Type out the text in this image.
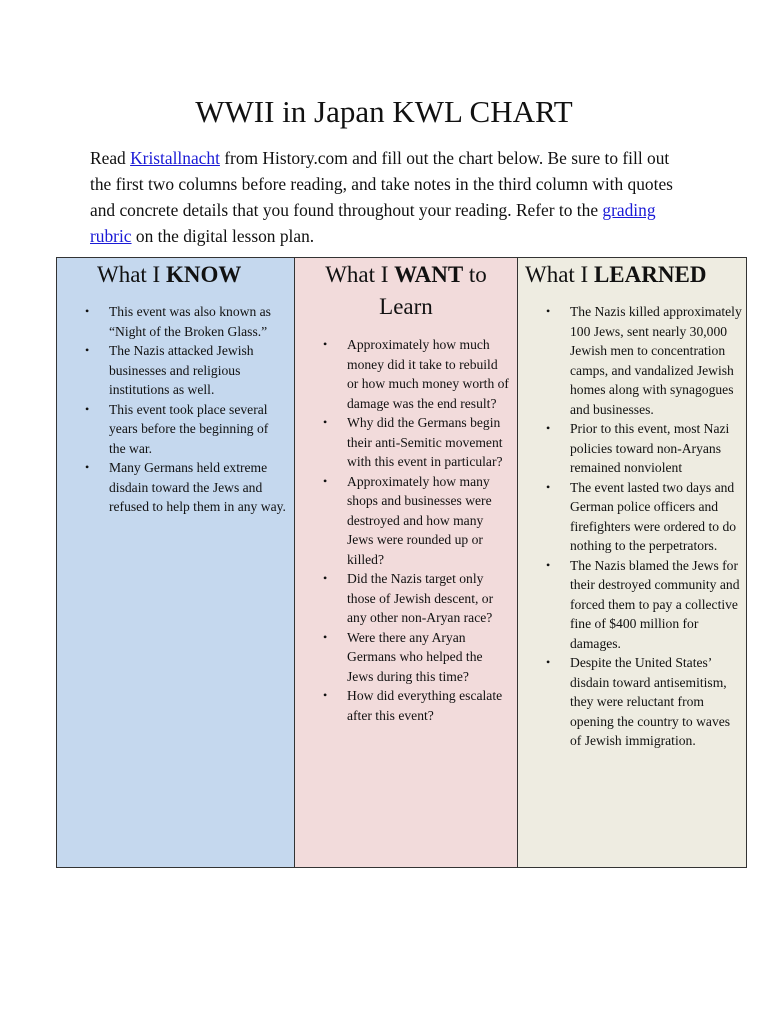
WWII in Japan KWL CHART

Read Kristallnacht from History.com and fill out the chart below. Be sure to fill out the first two columns before reading, and take notes in the third column with quotes and concrete details that you found throughout your reading. Refer to the grading rubric on the digital lesson plan.

What I KNOW

• This event was also known as “Night of the Broken Glass.”
• The Nazis attacked Jewish businesses and religious institutions as well.
• This event took place several years before the beginning of the war.
• Many Germans held extreme disdain toward the Jews and refused to help them in any way.

What I WANT to Learn

• Approximately how much money did it take to rebuild or how much money worth of damage was the end result?
• Why did the Germans begin their anti-Semitic movement with this event in particular?
• Approximately how many shops and businesses were destroyed and how many Jews were rounded up or killed?
• Did the Nazis target only those of Jewish descent, or any other non-Aryan race?
• Were there any Aryan Germans who helped the Jews during this time?
• How did everything escalate after this event?

What I LEARNED

• The Nazis killed approximately 100 Jews, sent nearly 30,000 Jewish men to concentration camps, and vandalized Jewish homes along with synagogues and businesses.
• Prior to this event, most Nazi policies toward non-Aryans remained nonviolent
• The event lasted two days and German police officers and firefighters were ordered to do nothing to the perpetrators.
• The Nazis blamed the Jews for their destroyed community and forced them to pay a collective fine of $400 million for damages.
• Despite the United States’ disdain toward antisemitism, they were reluctant from opening the country to waves of Jewish immigration.
